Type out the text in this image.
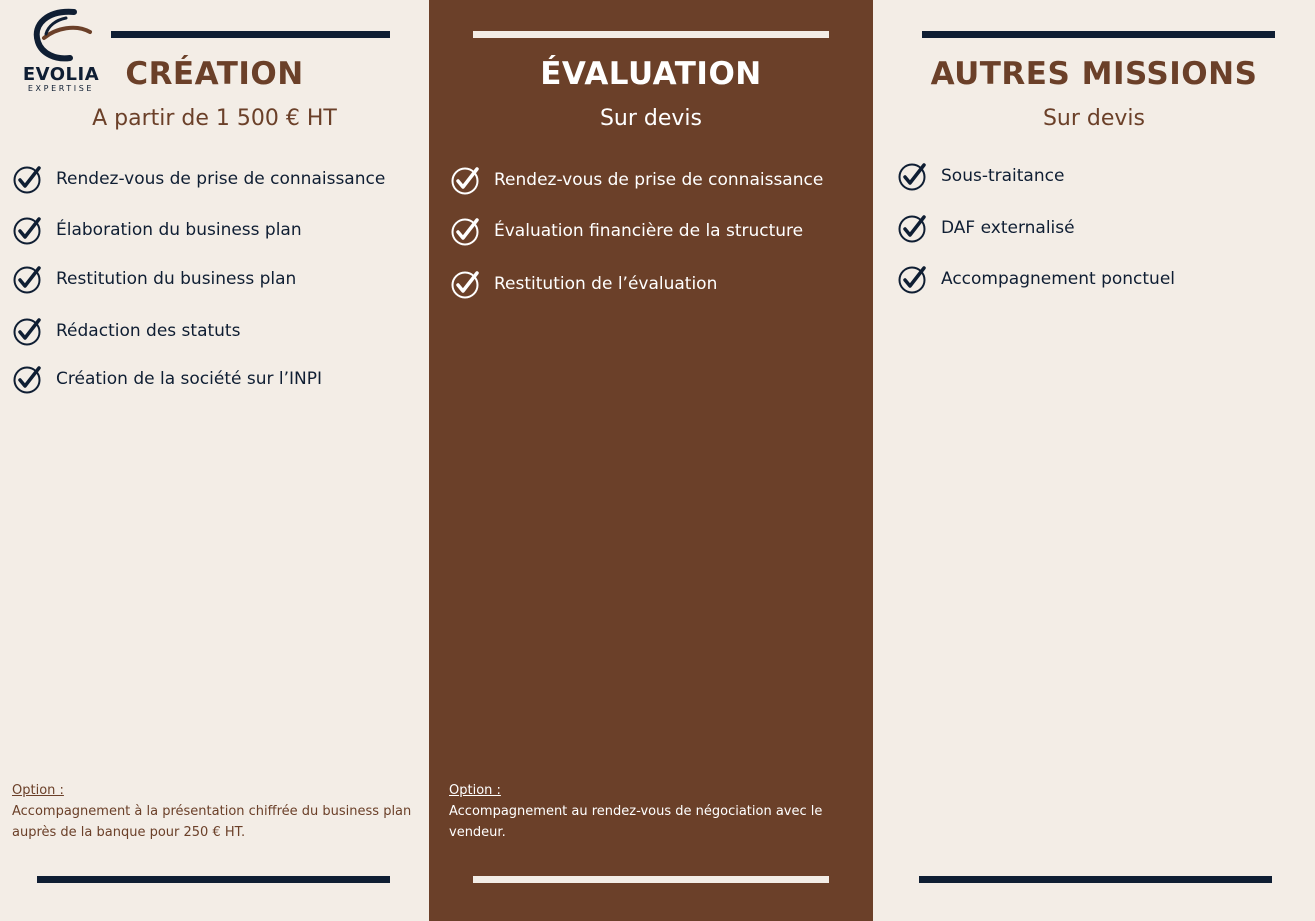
EVOLIA
EXPERTISE	CRÉATION
A partir de 1 500 € HT
Rendez-vous de prise de connaissance
Élaboration du business plan
Restitution du business plan
Rédaction des statuts
Création de la société sur l’INPI
Option :
Accompagnement à la présentation chiffrée du business plan auprès de la banque pour 250 € HT.
ÉVALUATION
Sur devis
Rendez-vous de prise de connaissance
Évaluation financière de la structure
Restitution de l’évaluation
Option :
Accompagnement au rendez-vous de négociation avec le vendeur.
AUTRES MISSIONS
Sur devis
Sous-traitance
DAF externalisé
Accompagnement ponctuel
